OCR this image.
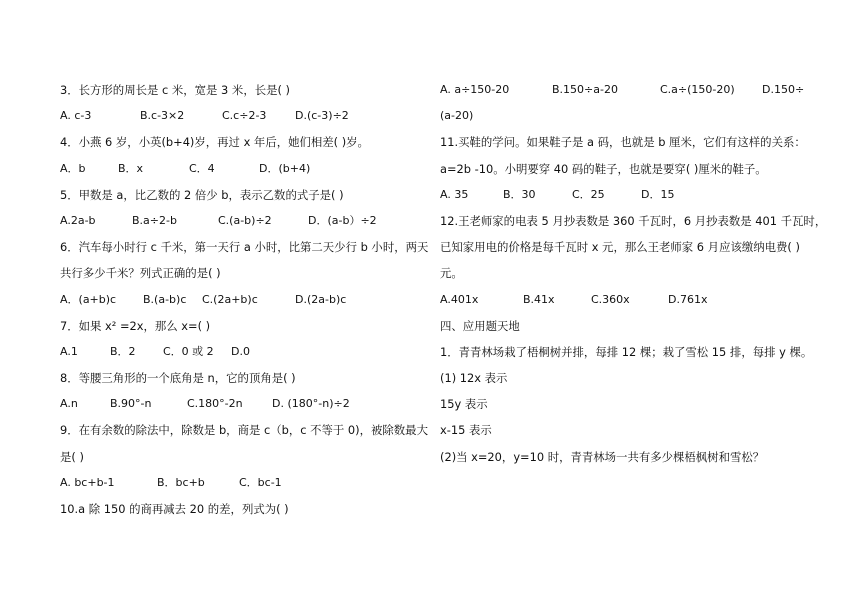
3．长方形的周长是 c 米，宽是 3 米，长是( )
A. c-3	B.c-3×2	C.c÷2-3	D.(c-3)÷2
4．小燕 6 岁，小英(b+4)岁，再过 x 年后，她们相差( )岁。
A．b	B．x	C．4	D．(b+4)
5．甲数是 a，比乙数的 2 倍少 b，表示乙数的式子是( )
A.2a-b	B.a÷2-b	C.(a-b)÷2	D．(a-b）÷2
6．汽车每小时行 c 千米，第一天行 a 小时，比第二天少行 b 小时，两天
共行多少千米？列式正确的是( )
A．(a+b)c	B.(a-b)c	C.(2a+b)c	D.(2a-b)c
7．如果 x² =2x，那么 x=( )
A.1	B．2	C．0 或 2	D.0
8．等腰三角形的一个底角是 n，它的顶角是( )
A.n	B.90°-n	C.180°-2n	D. (180°-n)÷2
9．在有余数的除法中，除数是 b，商是 c（b，c 不等于 0)，被除数最大
是( )
A. bc+b-1	B．bc+b	C．bc-1
10.a 除 150 的商再减去 20 的差，列式为( )
A. a÷150-20	B.150÷a-20	C.a÷(150-20)	D.150÷
(a-20)
11.买鞋的学问。如果鞋子是 a 码，也就是 b 厘米，它们有这样的关系：
a=2b -10。小明要穿 40 码的鞋子，也就是要穿( )厘米的鞋子。
A. 35	B．30	C．25	D．15
12.王老师家的电表 5 月抄表数是 360 千瓦时，6 月抄表数是 401 千瓦时，
已知家用电的价格是每千瓦时 x 元，那么王老师家 6 月应该缴纳电费( )
元。
A.401x	B.41x	C.360x	D.761x
四、应用题天地
1．青青林场栽了梧桐树并排，每排 12 棵；栽了雪松 15 排，每排 y 棵。
(1) 12x 表示
15y 表示
x-15 表示
(2)当 x=20，y=10 时，青青林场一共有多少棵梧枫树和雪松？
